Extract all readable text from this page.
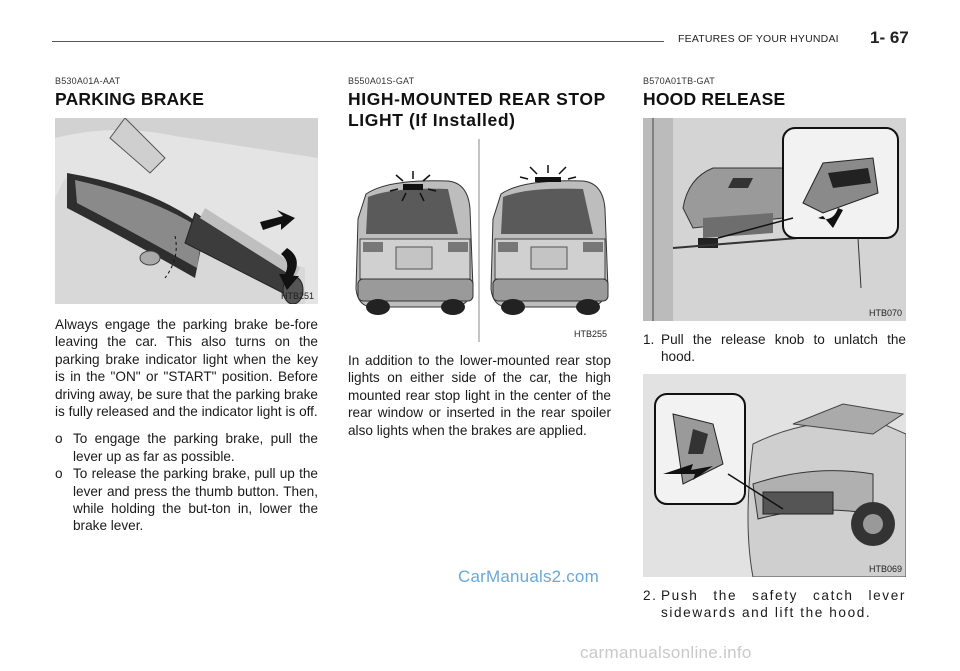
FEATURES OF YOUR HYUNDAI 1- 67
B530A01A-AAT
PARKING BRAKE
HTB251

Always engage the parking brake be-fore leaving the car. This also turns on the parking brake indicator light when the key is in the "ON" or "START" position. Before driving away, be sure that the parking brake is fully released and the indicator light is off.

o To engage the parking brake, pull the lever up as far as possible.
o To release the parking brake, pull up the lever and press the thumb button. Then, while holding the but-ton in, lower the brake lever.
B550A01S-GAT
HIGH-MOUNTED REAR STOP LIGHT (If Installed)
HTB255

In addition to the lower-mounted rear stop lights on either side of the car, the high mounted rear stop light in the center of the rear window or inserted in the rear spoiler also lights when the brakes are applied.

B570A01TB-GAT
HOOD RELEASE
HTB070
1. Pull the release knob to unlatch the hood.
HTB069
2. Push the safety catch lever sidewards and lift the hood.
CarManuals2.com
carmanualsonline.info
